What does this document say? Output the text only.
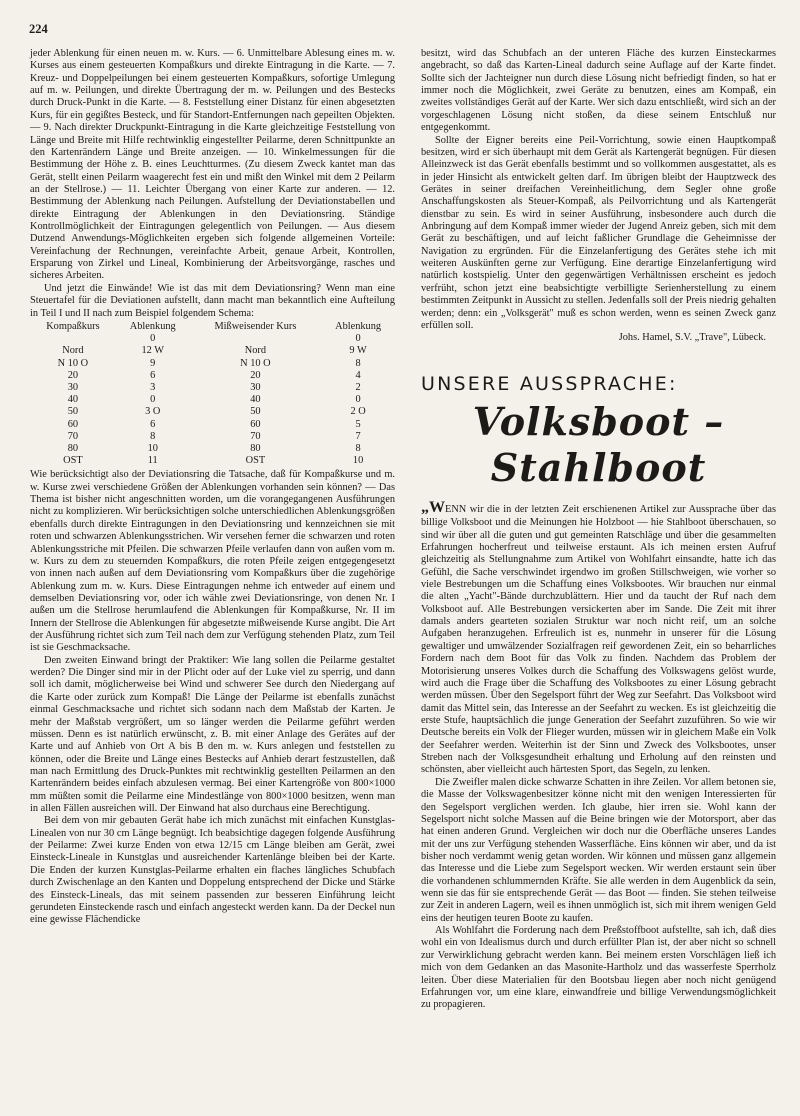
224

jeder Ablenkung für einen neuen m. w. Kurs. — 6. Unmittelbare Ablesung eines m. w. Kurses aus einem gesteuerten Kompaßkurs und direkte Eintragung in die Karte. — 7. Kreuz- und Doppelpeilungen bei einem gesteuerten Kompaßkurs, sofortige Umlegung auf m. w. Peilungen, und direkte Übertragung der m. w. Peilungen und des Bestecks durch Druck-Punkt in die Karte. — 8. Feststellung einer Distanz für einen abgesetzten Kurs, für ein gegißtes Besteck, und für Standort-Entfernungen nach gepeilten Objekten. — 9. Nach direkter Druckpunkt-Eintragung in die Karte gleichzeitige Feststellung von Länge und Breite mit Hilfe rechtwinklig eingestellter Peilarme, deren Schnittpunkte an den Kartenrändern Länge und Breite anzeigen. — 10. Winkelmessungen für die Bestimmung der Höhe z. B. eines Leuchtturmes. (Zu diesem Zweck kantet man das Gerät, stellt einen Peilarm waagerecht fest ein und mißt den Winkel mit dem 2 Peilarm an der Stellrose.) — 11. Leichter Übergang von einer Karte zur anderen. — 12. Bestimmung der Ablenkung nach Peilungen. Aufstellung der Deviationstabellen und direkte Eintragung der Ablenkungen in den Deviationsring. Ständige Kontrollmöglichkeit der Eintragungen gelegentlich von Peilungen. — Aus diesem Dutzend Anwendungs-Möglichkeiten ergeben sich folgende allgemeinen Vorteile: Vereinfachung der Rechnungen, vereinfachte Arbeit, genaue Arbeit, Kontrollen, Ersparung von Zirkel und Lineal, Kombinierung der Arbeitsvorgänge, rasches und sicheres Arbeiten.

Und jetzt die Einwände! Wie ist das mit dem Deviationsring? Wenn man eine Steuertafel für die Deviationen aufstellt, dann macht man bekanntlich eine Aufteilung in Teil I und II nach zum Beispiel folgendem Schema:

Kompaßkurs	Ablenkung	Mißweisender Kurs	Ablenkung
	0		0
Nord	12 W	Nord	9 W
N 10 O	9	N 10 O	8
20	6	20	4
30	3	30	2
40	0	40	0
50	3 O	50	2 O
60	6	60	5
70	8	70	7
80	10	80	8
OST	11	OST	10

Wie berücksichtigt also der Deviationsring die Tatsache, daß für Kompaßkurse und m. w. Kurse zwei verschiedene Größen der Ablenkungen vorhanden sein können? — Das Thema ist bisher nicht angeschnitten worden, um die vorangegangenen Ausführungen nicht zu komplizieren. Wir berücksichtigen solche unterschiedlichen Ablenkungsgrößen ebenfalls durch direkte Eintragungen in den Deviationsring und kennzeichnen sie mit roten und schwarzen Ablenkungsstrichen. Wir versehen ferner die schwarzen und roten Ablenkungsstriche mit Pfeilen. Die schwarzen Pfeile verlaufen dann von außen vom m. w. Kurs zu dem zu steuernden Kompaßkurs, die roten Pfeile zeigen entgegengesetzt von innen nach außen auf dem Deviationsring vom Kompaßkurs über die zugehörige Ablenkung zum m. w. Kurs. Diese Eintragungen nehme ich entweder auf einem und demselben Deviationsring vor, oder ich wähle zwei Deviationsringe, von denen Nr. I außen um die Stellrose herumlaufend die Ablenkungen für Kompaßkurse, Nr. II im Innern der Stellrose die Ablenkungen für abgesetzte mißweisende Kurse angibt. Die Art der Ausführung richtet sich zum Teil nach dem zur Verfügung stehenden Platz, zum Teil ist sie Geschmacksache.

Den zweiten Einwand bringt der Praktiker: Wie lang sollen die Peilarme gestaltet werden? Die Dinger sind mir in der Plicht oder auf der Luke viel zu sperrig, und dann soll ich damit, möglicherweise bei Wind und schwerer See durch den Niedergang auf die Karte oder zurück zum Kompaß! Die Länge der Peilarme ist ebenfalls zunächst einmal Geschmacksache und richtet sich sodann nach dem Maßstab der Karten. Je mehr der Maßstab vergrößert, um so länger werden die Peilarme geführt werden müssen. Denn es ist natürlich erwünscht, z. B. mit einer Anlage des Gerätes auf der Karte und auf Anhieb von Ort A bis B den m. w. Kurs anlegen und feststellen zu können, oder die Breite und Länge eines Bestecks auf Anhieb derart festzustellen, daß man nach Ermittlung des Druck-Punktes mit rechtwinklig gestellten Peilarmen an den Kartenrändern beides einfach abzulesen vermag. Bei einer Kartengröße von 800×1000 mm müßten somit die Peilarme eine Mindestlänge von 800×1000 besitzen, wenn man in allen Fällen ausreichen will. Der Einwand hat also durchaus eine Berechtigung.

Bei dem von mir gebauten Gerät habe ich mich zunächst mit einfachen Kunstglas-Linealen von nur 30 cm Länge begnügt. Ich beabsichtige dagegen folgende Ausführung der Peilarme: Zwei kurze Enden von etwa 12/15 cm Länge bleiben am Gerät, zwei Einsteck-Lineale in Kunstglas und ausreichender Kartenlänge bleiben bei der Karte. Die Enden der kurzen Kunstglas-Peilarme erhalten ein flaches längliches Schubfach durch Zwischenlage an den Kanten und Doppelung entsprechend der Dicke und Stärke des Einsteck-Lineals, das mit seinem passenden zur besseren Einführung leicht gerundeten Einsteckende rasch und einfach angesteckt werden kann. Da der Deckel nun eine gewisse Flächendicke

besitzt, wird das Schubfach an der unteren Fläche des kurzen Einsteckarmes angebracht, so daß das Karten-Lineal dadurch seine Auflage auf der Karte findet. Sollte sich der Jachteigner nun durch diese Lösung nicht befriedigt finden, so hat er immer noch die Möglichkeit, zwei Geräte zu benutzen, eines am Kompaß, ein zweites vollständiges Gerät auf der Karte. Wer sich dazu entschließt, wird sich an der vorgeschlagenen Lösung nicht stoßen, da diese seinem Entschluß nur entgegenkommt.

Sollte der Eigner bereits eine Peil-Vorrichtung, sowie einen Hauptkompaß besitzen, wird er sich überhaupt mit dem Gerät als Kartengerät begnügen. Für diesen Alleinzweck ist das Gerät ebenfalls bestimmt und so vollkommen ausgestattet, als es in jeder Hinsicht als entwickelt gelten darf. Im übrigen bleibt der Hauptzweck des Gerätes in seiner dreifachen Vereinheitlichung, dem Segler ohne große Anschaffungskosten als Steuer-Kompaß, als Peilvorrichtung und als Kartengerät dienstbar zu sein. Es wird in seiner Ausführung, insbesondere auch durch die Anbringung auf dem Kompaß immer wieder der Jugend Anreiz geben, sich mit dem Gerät zu beschäftigen, und auf leicht faßlicher Grundlage die Geheimnisse der Navigation zu ergründen. Für die Einzelanfertigung des Gerätes stehe ich mit weiteren Auskünften gerne zur Verfügung. Eine derartige Einzelanfertigung wird natürlich kostspielig. Unter den gegenwärtigen Verhältnissen erscheint es jedoch verfrüht, schon jetzt eine beabsichtigte verbilligte Serienherstellung zu einem bestimmten Zeitpunkt in Aussicht zu stellen. Jedenfalls soll der Preis niedrig gehalten werden; denn: ein „Volksgerät" muß es schon werden, wenn es seinen Zweck ganz erfüllen soll.

Johs. Hamel, S.V. „Trave", Lübeck.

UNSERE AUSSPRACHE:
Volksboot – Stahlboot

„WENN wir die in der letzten Zeit erschienenen Artikel zur Aussprache über das billige Volksboot und die Meinungen hie Holzboot — hie Stahlboot überschauen, so sind wir über all die guten und gut gemeinten Ratschläge und über die gesammelten Erfahrungen hocherfreut und teilweise erstaunt. Als ich meinen ersten Aufruf gleichzeitig als Stellungnahme zum Artikel von Wohlfahrt einsandte, hatte ich das Gefühl, die Sache verschwindet irgendwo im großen Stillschweigen, wie vorher so viele Bestrebungen um die Schaffung eines Volksbootes. Wir brauchen nur einmal die alten „Yacht"-Bände durchzublättern. Hier und da taucht der Ruf nach dem Volksboot auf. Alle Bestrebungen versickerten aber im Sande. Die Zeit mit ihrer damals anders gearteten sozialen Struktur war noch nicht reif, um an solche Aufgaben heranzugehen. Erfreulich ist es, nunmehr in unserer für die Lösung gewaltiger und umwälzender Sozialfragen reif gewordenen Zeit, ein so beharrliches Fordern nach dem Boot für das Volk zu finden. Nachdem das Problem der Motorisierung unseres Volkes durch die Schaffung des Volkswagens gelöst wurde, wird auch die Frage über die Schaffung des Volksbootes zu einer Lösung gebracht werden müssen. Über den Segelsport führt der Weg zur Seefahrt. Das Volksboot wird damit das Mittel sein, das Interesse an der Seefahrt zu wecken. Es ist gleichzeitig die erste Stufe, hauptsächlich die junge Generation der Seefahrt zuzuführen. So wie wir Deutsche bereits ein Volk der Flieger wurden, müssen wir in gleichem Maße ein Volk der Seefahrer werden. Weiterhin ist der Sinn und Zweck des Volksbootes, unser Streben nach der Volksgesundheit erhaltung und Erholung auf den reinsten und schönsten, aber vielleicht auch härtesten Sport, das Segeln, zu lenken.

Die Zweifler malen dicke schwarze Schatten in ihre Zeilen. Vor allem betonen sie, die Masse der Volkswagenbesitzer könne nicht mit den wenigen Interessierten für den Segelsport verglichen werden. Ich glaube, hier irren sie. Wohl kann der Segelsport nicht solche Massen auf die Beine bringen wie der Motorsport, aber das hat einen anderen Grund. Vergleichen wir doch nur die Oberfläche unseres Landes mit der uns zur Verfügung stehenden Wasserfläche. Eins können wir aber, und da ist bisher noch verdammt wenig getan worden. Wir können und müssen ganz allgemein das Interesse und die Liebe zum Segelsport wecken. Wir werden erstaunt sein über die vorhandenen schlummernden Kräfte. Sie alle werden in dem Augenblick da sein, wenn sie das für sie entsprechende Gerät — das Boot — finden. Sie stehen teilweise zur Zeit in anderen Lagern, weil es ihnen unmöglich ist, sich mit ihrem wenigen Geld eins der heutigen teuren Boote zu kaufen.

Als Wohlfahrt die Forderung nach dem Preßstoffboot aufstellte, sah ich, daß dies wohl ein von Idealismus durch und durch erfüllter Plan ist, der aber nicht so schnell zur Verwirklichung gebracht werden kann. Bei meinem ersten Vorschlägen ließ ich mich von dem Gedanken an das Masonite-Hartholz und das wasserfeste Sperrholz leiten. Über diese Materialien für den Bootsbau liegen aber noch nicht genügend Erfahrungen vor, um eine klare, einwandfreie und billige Verwendungsmöglichkeit zu propagieren.
